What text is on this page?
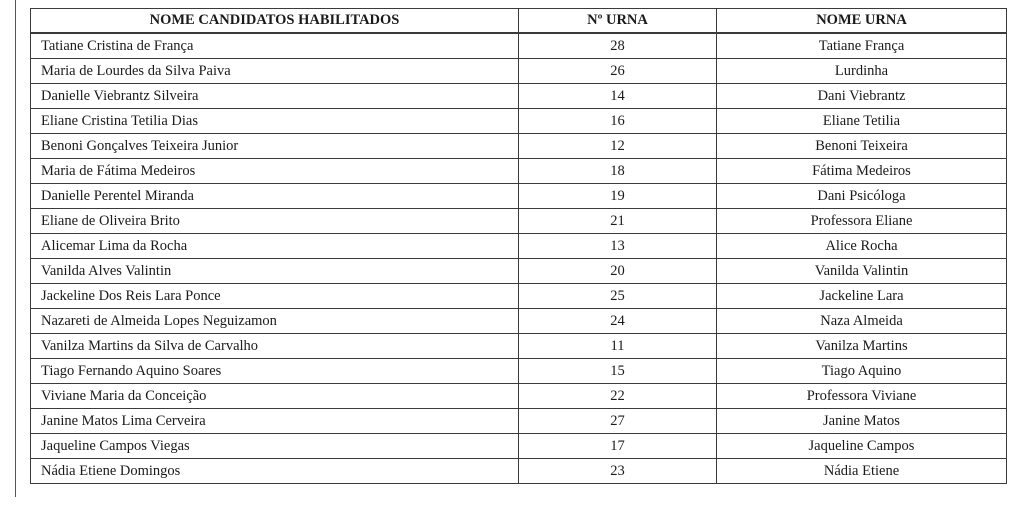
NOME CANDIDATOS HABILITADOS	Nº URNA	NOME URNA
Tatiane Cristina de França	28	Tatiane França
Maria de Lourdes da Silva Paiva	26	Lurdinha
Danielle Viebrantz Silveira	14	Dani Viebrantz
Eliane Cristina Tetilia Dias	16	Eliane Tetilia
Benoni Gonçalves Teixeira Junior	12	Benoni Teixeira
Maria de Fátima Medeiros	18	Fátima Medeiros
Danielle Perentel Miranda	19	Dani Psicóloga
Eliane de Oliveira Brito	21	Professora Eliane
Alicemar Lima da Rocha	13	Alice Rocha
Vanilda Alves Valintin	20	Vanilda Valintin
Jackeline Dos Reis Lara Ponce	25	Jackeline Lara
Nazareti de Almeida Lopes Neguizamon	24	Naza Almeida
Vanilza Martins da Silva de Carvalho	11	Vanilza Martins
Tiago Fernando Aquino Soares	15	Tiago Aquino
Viviane Maria da Conceição	22	Professora Viviane
Janine Matos Lima Cerveira	27	Janine Matos
Jaqueline Campos Viegas	17	Jaqueline Campos
Nádia Etiene Domingos	23	Nádia Etiene
